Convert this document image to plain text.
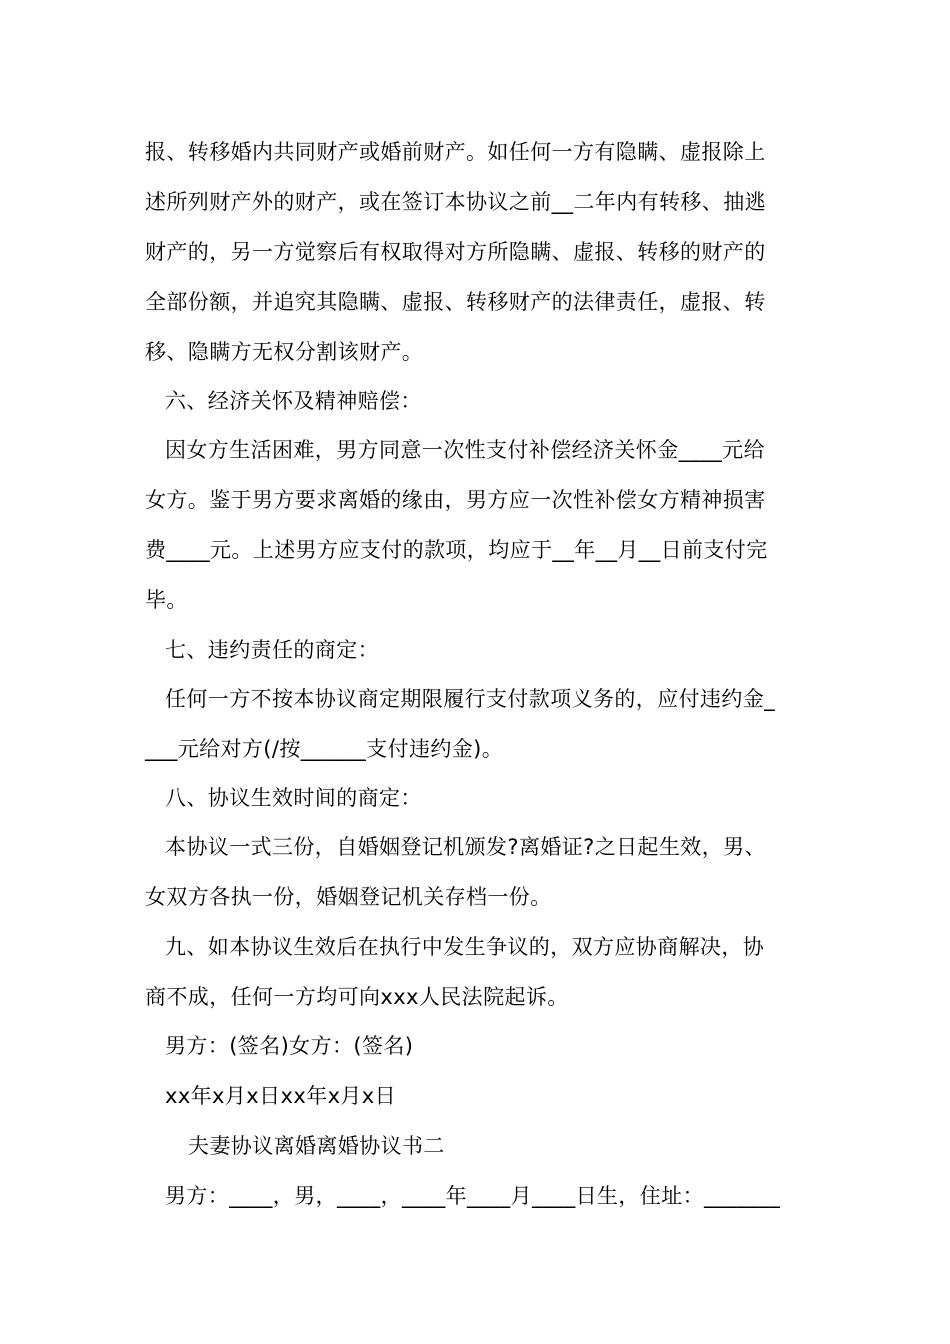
报、转移婚内共同财产或婚前财产。如任何一方有隐瞒、虚报除上
述所列财产外的财产，或在签订本协议之前__二年内有转移、抽逃
财产的，另一方觉察后有权取得对方所隐瞒、虚报、转移的财产的
全部份额，并追究其隐瞒、虚报、转移财产的法律责任，虚报、转
移、隐瞒方无权分割该财产。
六、经济关怀及精神赔偿：
因女方生活困难，男方同意一次性支付补偿经济关怀金____元给
女方。鉴于男方要求离婚的缘由，男方应一次性补偿女方精神损害
费____元。上述男方应支付的款项，均应于__年__月__日前支付完
毕。
七、违约责任的商定：
任何一方不按本协议商定期限履行支付款项义务的，应付违约金_
___元给对方(/按______支付违约金)。
八、协议生效时间的商定：
本协议一式三份，自婚姻登记机颁发?离婚证?之日起生效，男、
女双方各执一份，婚姻登记机关存档一份。
九、如本协议生效后在执行中发生争议的，双方应协商解决，协
商不成，任何一方均可向xxx人民法院起诉。
男方：(签名)女方：(签名)
xx年x月x日xx年x月x日
夫妻协议离婚离婚协议书二
男方：____，男，____，____年____月____日生，住址：_______
